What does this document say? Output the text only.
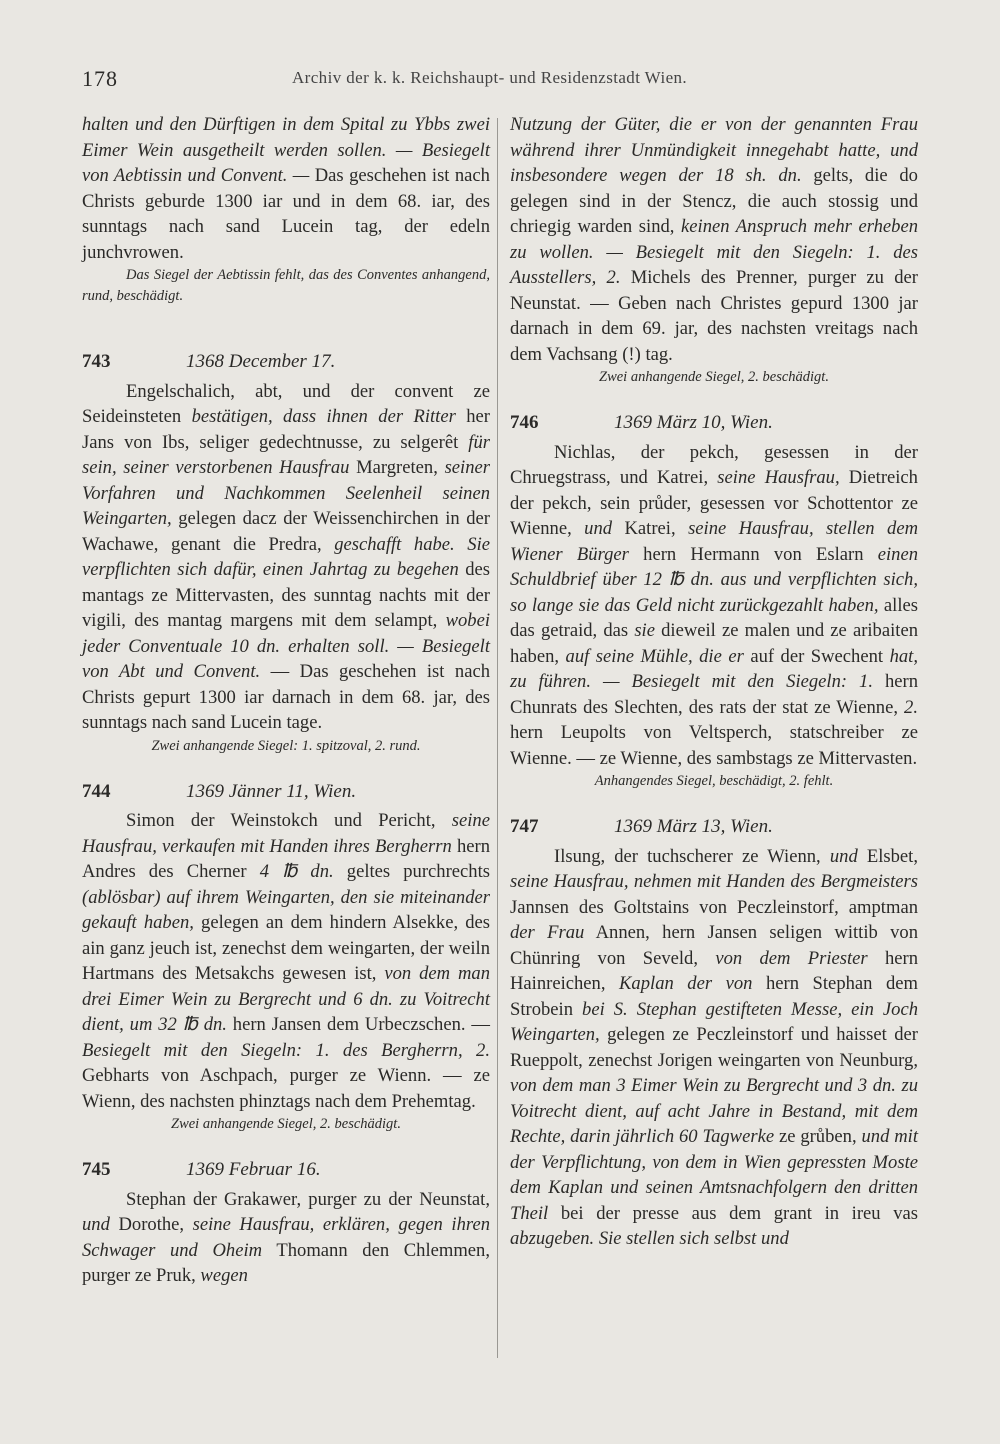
178	Archiv der k. k. Reichshaupt- und Residenzstadt Wien.

halten und den Dürftigen in dem Spital zu Ybbs zwei Eimer Wein ausgetheilt werden sollen. — Besiegelt von Aebtissin und Convent. — Das geschehen ist nach Christs geburde 1300 iar und in dem 68. iar, des sunntags nach sand Lucein tag, der edeln junchvrowen.

Das Siegel der Aebtissin fehlt, das des Conventes anhangend, rund, beschädigt.

743	1368 December 17.

Engelschalich, abt, und der convent ze Seideinsteten bestätigen, dass ihnen der Ritter her Jans von Ibs, seliger gedechtnusse, zu selgerêt für sein, seiner verstorbenen Hausfrau Margreten, seiner Vorfahren und Nachkommen Seelenheil seinen Weingarten, gelegen dacz der Weissenchirchen in der Wachawe, genant die Predra, geschafft habe. Sie verpflichten sich dafür, einen Jahrtag zu begehen des mantags ze Mittervasten, des sunntag nachts mit der vigili, des mantag margens mit dem selampt, wobei jeder Conventuale 10 dn. erhalten soll. — Besiegelt von Abt und Convent. — Das geschehen ist nach Christs gepurt 1300 iar darnach in dem 68. jar, des sunntags nach sand Lucein tage.

Zwei anhangende Siegel: 1. spitzoval, 2. rund.

744	1369 Jänner 11, Wien.

Simon der Weinstokch und Pericht, seine Hausfrau, verkaufen mit Handen ihres Bergherrn hern Andres des Cherner 4 ℔ dn. geltes purchrechts (ablösbar) auf ihrem Weingarten, den sie miteinander gekauft haben, gelegen an dem hindern Alsekke, des ain ganz jeuch ist, zenechst dem weingarten, der weiln Hartmans des Metsakchs gewesen ist, von dem man drei Eimer Wein zu Bergrecht und 6 dn. zu Voitrecht dient, um 32 ℔ dn. hern Jansen dem Urbeczschen. — Besiegelt mit den Siegeln: 1. des Bergherrn, 2. Gebharts von Aschpach, purger ze Wienn. — ze Wienn, des nachsten phinztags nach dem Prehemtag.

Zwei anhangende Siegel, 2. beschädigt.

745	1369 Februar 16.

Stephan der Grakawer, purger zu der Neunstat, und Dorothe, seine Hausfrau, erklären, gegen ihren Schwager und Oheim Thomann den Chlemmen, purger ze Pruk, wegen

Nutzung der Güter, die er von der genannten Frau während ihrer Unmündigkeit innegehabt hatte, und insbesondere wegen der 18 sh. dn. gelts, die do gelegen sind in der Stencz, die auch stossig und chriegig warden sind, keinen Anspruch mehr erheben zu wollen. — Besiegelt mit den Siegeln: 1. des Ausstellers, 2. Michels des Prenner, purger zu der Neunstat. — Geben nach Christes gepurd 1300 jar darnach in dem 69. jar, des nachsten vreitags nach dem Vachsang (!) tag.

Zwei anhangende Siegel, 2. beschädigt.

746	1369 März 10, Wien.

Nichlas, der pekch, gesessen in der Chruegstrass, und Katrei, seine Hausfrau, Dietreich der pekch, sein průder, gesessen vor Schottentor ze Wienne, und Katrei, seine Hausfrau, stellen dem Wiener Bürger hern Hermann von Eslarn einen Schuldbrief über 12 ℔ dn. aus und verpflichten sich, so lange sie das Geld nicht zurückgezahlt haben, alles das getraid, das sie dieweil ze malen und ze aribaiten haben, auf seine Mühle, die er auf der Swechent hat, zu führen. — Besiegelt mit den Siegeln: 1. hern Chunrats des Slechten, des rats der stat ze Wienne, 2. hern Leupolts von Veltsperch, statschreiber ze Wienne. — ze Wienne, des sambstags ze Mittervasten.

Anhangendes Siegel, beschädigt, 2. fehlt.

747	1369 März 13, Wien.

Ilsung, der tuchscherer ze Wienn, und Elsbet, seine Hausfrau, nehmen mit Handen des Bergmeisters Jannsen des Goltstains von Peczleinstorf, amptman der Frau Annen, hern Jansen seligen wittib von Chünring von Seveld, von dem Priester hern Hainreichen, Kaplan der von hern Stephan dem Strobein bei S. Stephan gestifteten Messe, ein Joch Weingarten, gelegen ze Peczleinstorf und haisset der Rueppolt, zenechst Jorigen weingarten von Neunburg, von dem man 3 Eimer Wein zu Bergrecht und 3 dn. zu Voitrecht dient, auf acht Jahre in Bestand, mit dem Rechte, darin jährlich 60 Tagwerke ze grůben, und mit der Verpflichtung, von dem in Wien gepressten Moste dem Kaplan und seinen Amtsnachfolgern den dritten Theil bei der presse aus dem grant in ireu vas abzugeben. Sie stellen sich selbst und
